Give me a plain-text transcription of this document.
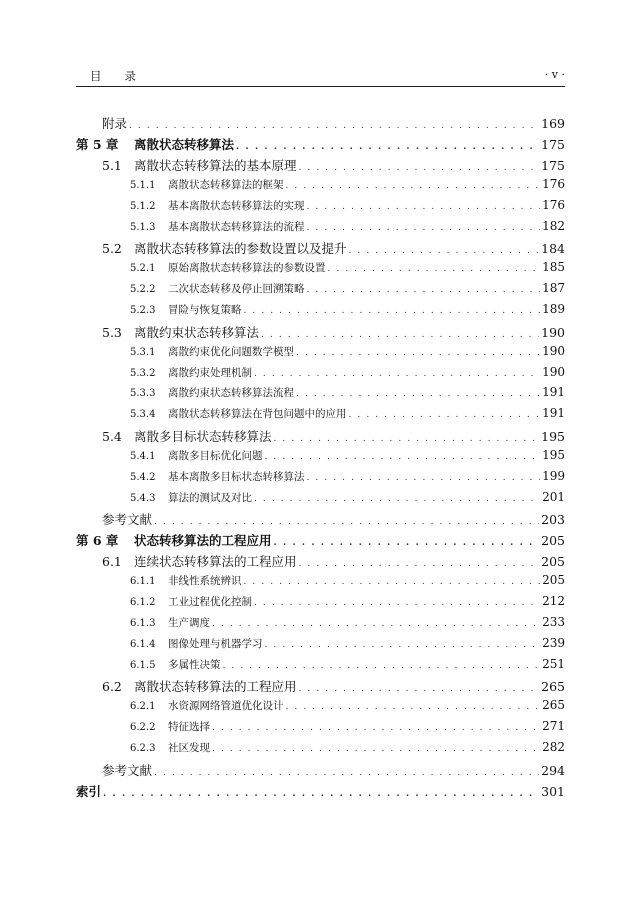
目 录	· v ·
附录 . . .	169
第 5 章	离散状态转移算法 . . .	175
5.1 离散状态转移算法的基本原理 . . .	175
5.1.1	离散状态转移算法的框架 . . .	176
5.1.2	基本离散状态转移算法的实现 . . .	176
5.1.3	基本离散状态转移算法的流程 . . .	182
5.2 离散状态转移算法的参数设置以及提升 . . .	184
5.2.1	原始离散状态转移算法的参数设置 . . .	185
5.2.2	二次状态转移及停止回溯策略 . . .	187
5.2.3	冒险与恢复策略 . . .	189
5.3 离散约束状态转移算法 . . .	190
5.3.1	离散约束优化问题数学模型 . . .	190
5.3.2	离散约束处理机制 . . .	190
5.3.3	离散约束状态转移算法流程 . . .	191
5.3.4	离散状态转移算法在背包问题中的应用 . . .	191
5.4 离散多目标状态转移算法 . . .	195
5.4.1	离散多目标优化问题 . . .	195
5.4.2	基本离散多目标状态转移算法 . . .	199
5.4.3	算法的测试及对比 . . .	201
参考文献 . . .	203
第 6 章	状态转移算法的工程应用 . . .	205
6.1 连续状态转移算法的工程应用 . . .	205
6.1.1	非线性系统辨识 . . .	205
6.1.2	工业过程优化控制 . . .	212
6.1.3	生产调度 . . .	233
6.1.4	图像处理与机器学习 . . .	239
6.1.5	多属性决策 . . .	251
6.2 离散状态转移算法的工程应用 . . .	265
6.2.1	水资源网络管道优化设计 . . .	265
6.2.2	特征选择 . . .	271
6.2.3	社区发现 . . .	282
参考文献 . . .	294
索引 . . .	301
